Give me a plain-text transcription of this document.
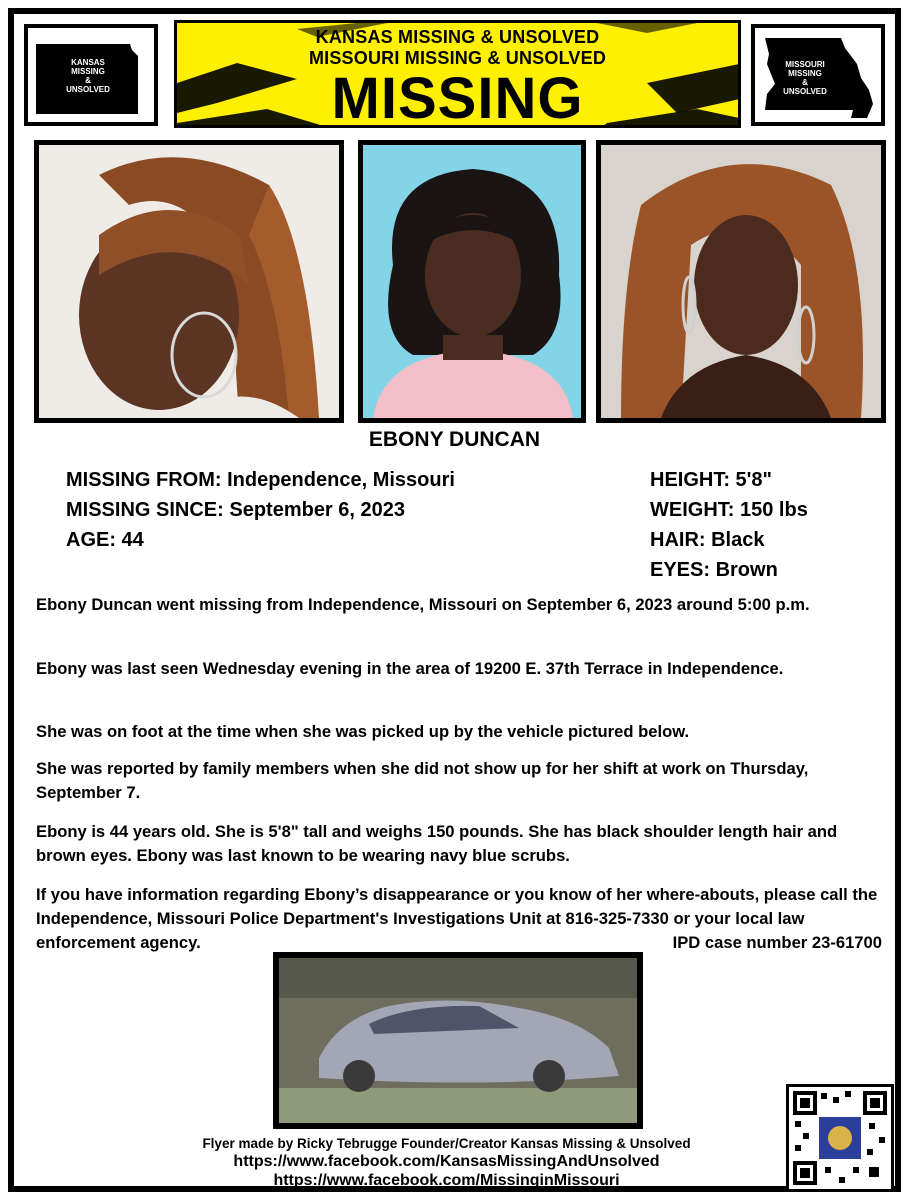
KANSAS
MISSING
&
UNSOLVED
KANSAS MISSING & UNSOLVED
MISSOURI MISSING & UNSOLVED
MISSING
MISSOURI
MISSING
&
UNSOLVED
EBONY DUNCAN
MISSING FROM: Independence, Missouri
MISSING SINCE: September 6, 2023
AGE: 44
HEIGHT: 5'8"
WEIGHT: 150 lbs
HAIR: Black
EYES: Brown
Ebony Duncan went missing from Independence, Missouri on September 6, 2023 around 5:00 p.m.
Ebony was last seen Wednesday evening in the area of 19200 E. 37th Terrace in Independence.
She was on foot at the time when she was picked up by the vehicle pictured below.
She was reported by family members when she did not show up for her shift at work on Thursday, September 7.
Ebony is 44 years old. She is 5'8" tall and weighs 150 pounds. She has black shoulder length hair and brown eyes. Ebony was last known to be wearing navy blue scrubs.
If you have information regarding Ebony’s disappearance or you know of her where-abouts, please call the Independence, Missouri Police Department's Investigations Unit at 816-325-7330 or your local law enforcement agency.	IPD case number 23-61700
Flyer made by Ricky Tebrugge Founder/Creator Kansas Missing & Unsolved
https://www.facebook.com/KansasMissingAndUnsolved
https://www.facebook.com/MissinginMissouri
